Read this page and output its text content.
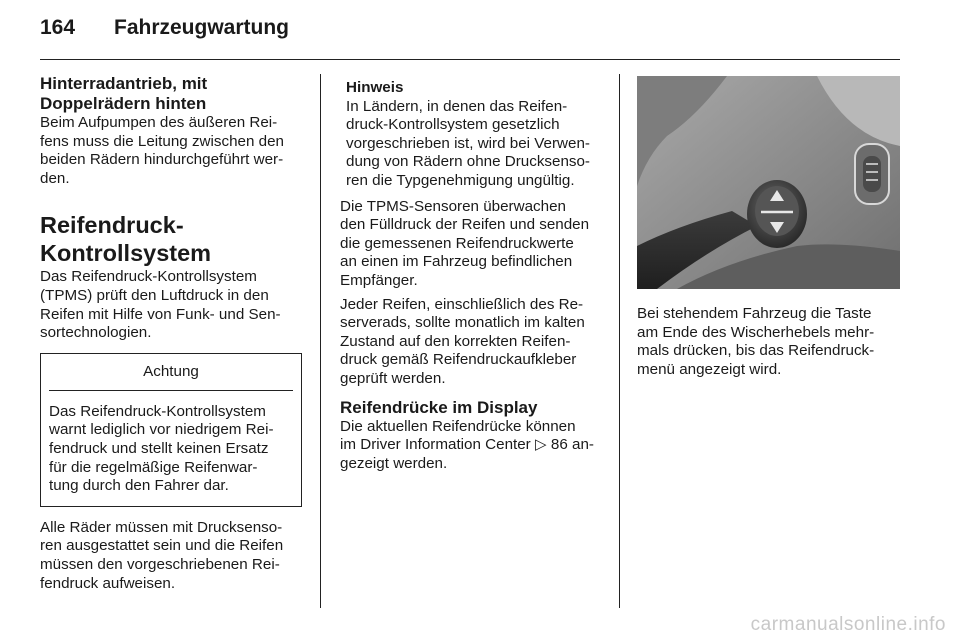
164 Fahrzeugwartung
Hinterradantrieb, mit
Doppelrädern hinten

Beim Aufpumpen des äußeren Rei-
fens muss die Leitung zwischen den
beiden Rädern hindurchgeführt wer-
den.

Reifendruck-
Kontrollsystem

Das Reifendruck-Kontrollsystem
(TPMS) prüft den Luftdruck in den
Reifen mit Hilfe von Funk- und Sen-
sortechnologien.

Achtung
Das Reifendruck-Kontrollsystem
warnt lediglich vor niedrigem Rei-
fendruck und stellt keinen Ersatz
für die regelmäßige Reifenwar-
tung durch den Fahrer dar.

Alle Räder müssen mit Drucksenso-
ren ausgestattet sein und die Reifen
müssen den vorgeschriebenen Rei-
fendruck aufweisen.

Hinweis

In Ländern, in denen das Reifen-
druck-Kontrollsystem gesetzlich
vorgeschrieben ist, wird bei Verwen-
dung von Rädern ohne Drucksenso-
ren die Typgenehmigung ungültig.

Die TPMS-Sensoren überwachen
den Fülldruck der Reifen und senden
die gemessenen Reifendruckwerte
an einen im Fahrzeug befindlichen
Empfänger.

Jeder Reifen, einschließlich des Re-
serverads, sollte monatlich im kalten
Zustand auf den korrekten Reifen-
druck gemäß Reifendruckaufkleber
geprüft werden.

Reifendrücke im Display

Die aktuellen Reifendrücke können
im Driver Information Center ▷ 86 an-
gezeigt werden.

Bei stehendem Fahrzeug die Taste
am Ende des Wischerhebels mehr-
mals drücken, bis das Reifendruck-
menü angezeigt wird.

carmanualsonline.info
